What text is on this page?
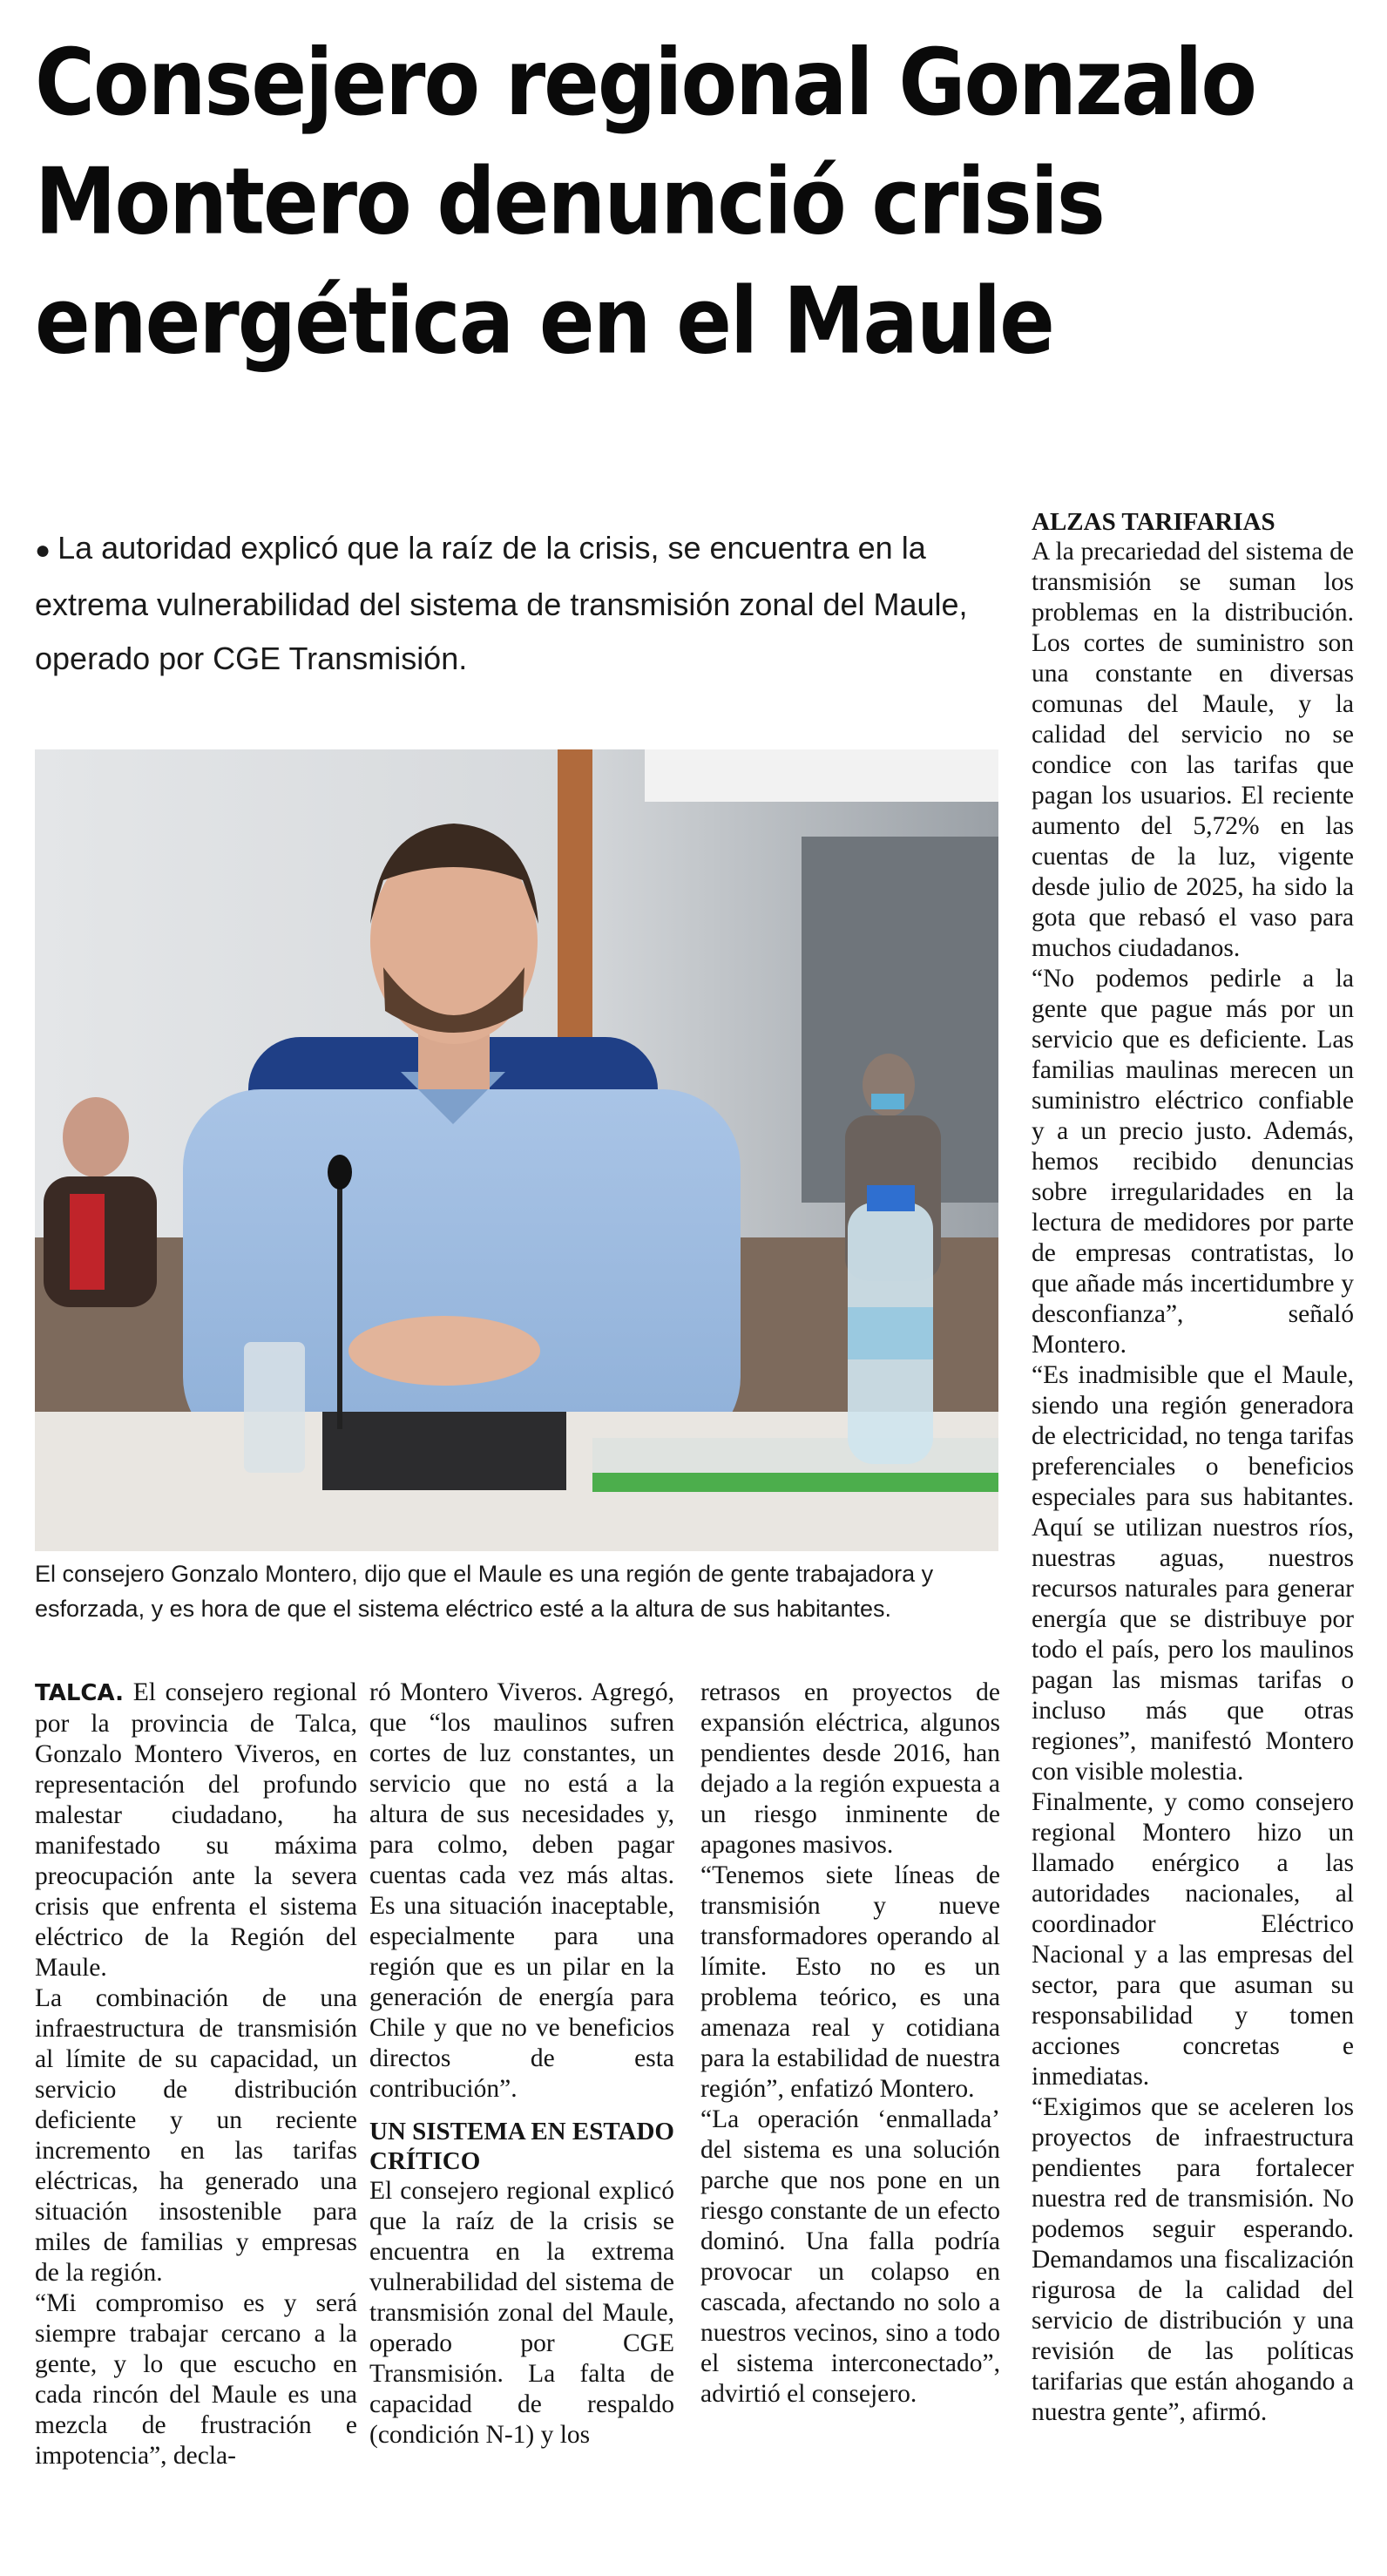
Consejero regional Gonzalo Montero denunció crisis energética en el Maule

● La autoridad explicó que la raíz de la crisis, se encuentra en la extrema vulnerabilidad del sistema de transmisión zonal del Maule, operado por CGE Transmisión.

El consejero Gonzalo Montero, dijo que el Maule es una región de gente trabajadora y esforzada, y es hora de que el sistema eléctrico esté a la altura de sus habitantes.

TALCA. El consejero regional por la provincia de Talca, Gonzalo Montero Viveros, en representación del profundo malestar ciudadano, ha manifestado su máxima preocupación ante la severa crisis que enfrenta el sistema eléctrico de la Región del Maule.

La combinación de una infraestructura de transmisión al límite de su capacidad, un servicio de distribución deficiente y un reciente incremento en las tarifas eléctricas, ha generado una situación insostenible para miles de familias y empresas de la región.

“Mi compromiso es y será siempre trabajar cercano a la gente, y lo que escucho en cada rincón del Maule es una mezcla de frustración e impotencia”, decla-

ró Montero Viveros. Agregó, que “los maulinos sufren cortes de luz constantes, un servicio que no está a la altura de sus necesidades y, para colmo, deben pagar cuentas cada vez más altas. Es una situación inaceptable, especialmente para una región que es un pilar en la generación de energía para Chile y que no ve beneficios directos de esta contribución”.

UN SISTEMA EN ESTADO CRÍTICO

El consejero regional explicó que la raíz de la crisis se encuentra en la extrema vulnerabilidad del sistema de transmisión zonal del Maule, operado por CGE Transmisión. La falta de capacidad de respaldo (condición N-1) y los

retrasos en proyectos de expansión eléctrica, algunos pendientes desde 2016, han dejado a la región expuesta a un riesgo inminente de apagones masivos.

“Tenemos siete líneas de transmisión y nueve transformadores operando al límite. Esto no es un problema teórico, es una amenaza real y cotidiana para la estabilidad de nuestra región”, enfatizó Montero.

“La operación ‘enmallada’ del sistema es una solución parche que nos pone en un riesgo constante de un efecto dominó. Una falla podría provocar un colapso en cascada, afectando no solo a nuestros vecinos, sino a todo el sistema interconectado”, advirtió el consejero.

ALZAS TARIFARIAS

A la precariedad del sistema de transmisión se suman los problemas en la distribución. Los cortes de suministro son una constante en diversas comunas del Maule, y la calidad del servicio no se condice con las tarifas que pagan los usuarios. El reciente aumento del 5,72% en las cuentas de la luz, vigente desde julio de 2025, ha sido la gota que rebasó el vaso para muchos ciudadanos.

“No podemos pedirle a la gente que pague más por un servicio que es deficiente. Las familias maulinas merecen un suministro eléctrico confiable y a un precio justo. Además, hemos recibido denuncias sobre irregularidades en la lectura de medidores por parte de empresas contratistas, lo que añade más incertidumbre y desconfianza”, señaló Montero.

“Es inadmisible que el Maule, siendo una región generadora de electricidad, no tenga tarifas preferenciales o beneficios especiales para sus habitantes. Aquí se utilizan nuestros ríos, nuestras aguas, nuestros recursos naturales para generar energía que se distribuye por todo el país, pero los maulinos pagan las mismas tarifas o incluso más que otras regiones”, manifestó Montero con visible molestia.

Finalmente, y como consejero regional Montero hizo un llamado enérgico a las autoridades nacionales, al coordinador Eléctrico Nacional y a las empresas del sector, para que asuman su responsabilidad y tomen acciones concretas e inmediatas.

“Exigimos que se aceleren los proyectos de infraestructura pendientes para fortalecer nuestra red de transmisión. No podemos seguir esperando. Demandamos una fiscalización rigurosa de la calidad del servicio de distribución y una revisión de las políticas tarifarias que están ahogando a nuestra gente”, afirmó.
